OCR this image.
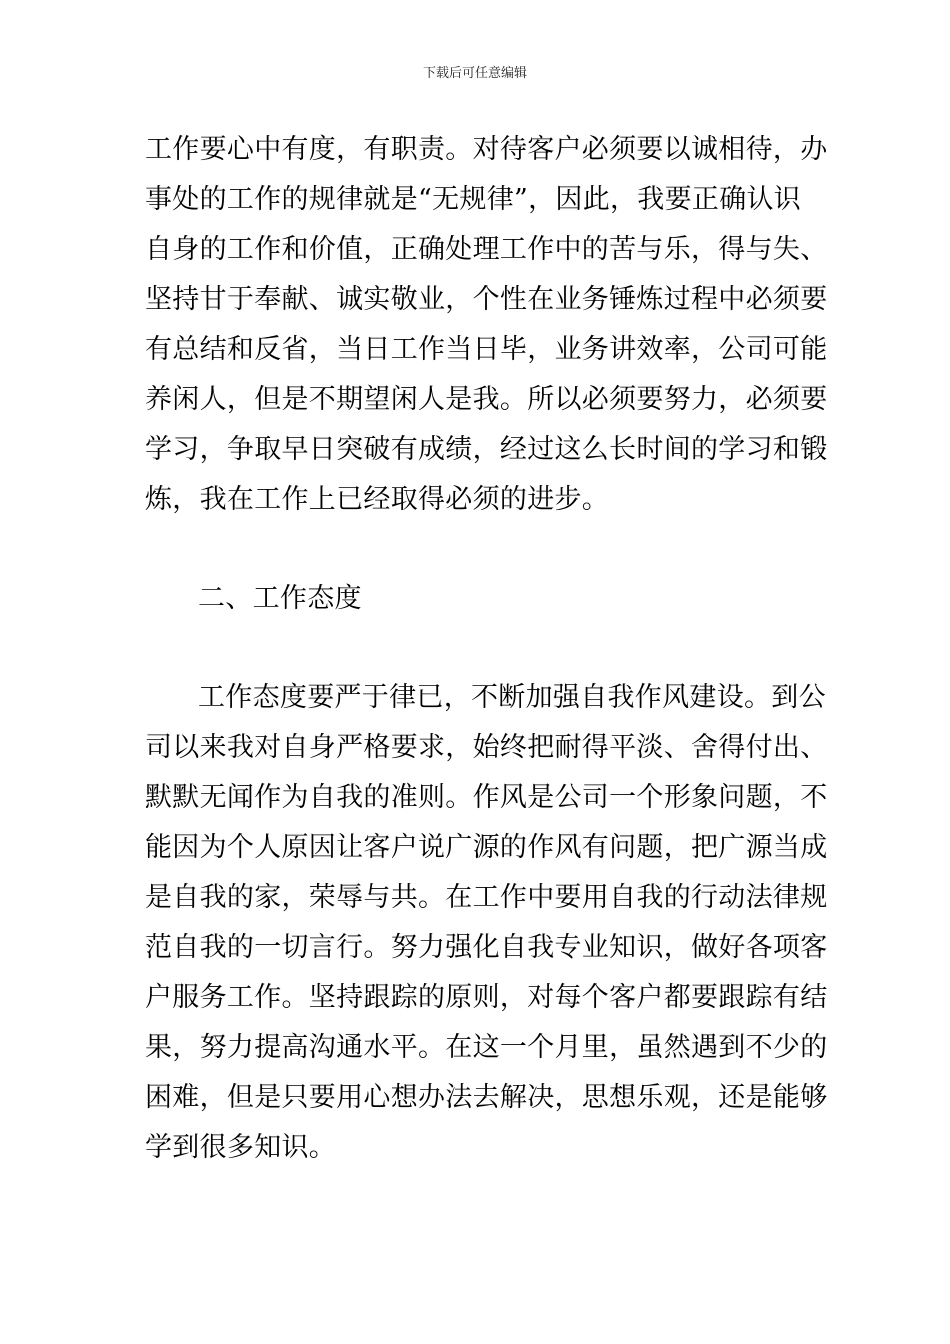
下载后可任意编辑
工作要心中有度，有职责。对待客户必须要以诚相待，办
事处的工作的规律就是“无规律”，因此，我要正确认识
自身的工作和价值，正确处理工作中的苦与乐，得与失、
坚持甘于奉献、诚实敬业，个性在业务锤炼过程中必须要
有总结和反省，当日工作当日毕，业务讲效率，公司可能
养闲人，但是不期望闲人是我。所以必须要努力，必须要
学习，争取早日突破有成绩，经过这么长时间的学习和锻
炼，我在工作上已经取得必须的进步。
二、工作态度
工作态度要严于律已，不断加强自我作风建设。到公
司以来我对自身严格要求，始终把耐得平淡、舍得付出、
默默无闻作为自我的准则。作风是公司一个形象问题，不
能因为个人原因让客户说广源的作风有问题，把广源当成
是自我的家，荣辱与共。在工作中要用自我的行动法律规
范自我的一切言行。努力强化自我专业知识，做好各项客
户服务工作。坚持跟踪的原则，对每个客户都要跟踪有结
果，努力提高沟通水平。在这一个月里，虽然遇到不少的
困难，但是只要用心想办法去解决，思想乐观，还是能够
学到很多知识。
